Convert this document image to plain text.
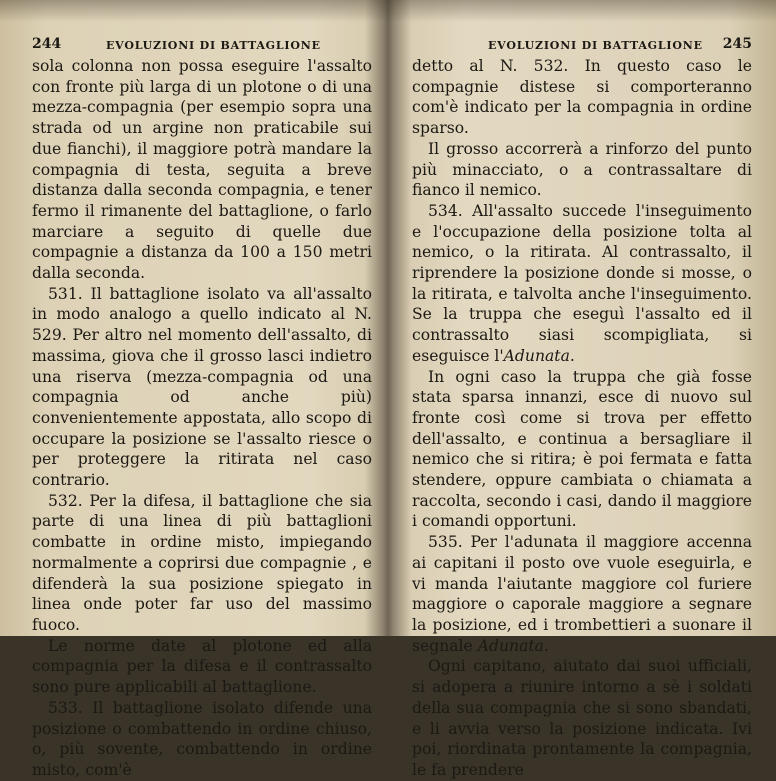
244	EVOLUZIONI DI BATTAGLIONE

sola colonna non possa eseguire l'assalto con fronte più larga di un plotone o di una mezza-compagnia (per esempio sopra una strada od un argine non praticabile sui due fianchi), il maggiore potrà mandare la compagnia di testa, seguita a breve distanza dalla seconda compagnia, e tener fermo il rimanente del battaglione, o farlo marciare a seguito di quelle due compagnie a distanza da 100 a 150 metri dalla seconda.

531. Il battaglione isolato va all'assalto in modo analogo a quello indicato al N. 529. Per altro nel momento dell'assalto, di massima, giova che il grosso lasci indietro una riserva (mezza-compagnia od una compagnia od anche più) convenientemente appostata, allo scopo di occupare la posizione se l'assalto riesce o per proteggere la ritirata nel caso contrario.

532. Per la difesa, il battaglione che sia parte di una linea di più battaglioni combatte in ordine misto, impiegando normalmente a coprirsi due compagnie , e difenderà la sua posizione spiegato in linea onde poter far uso del massimo fuoco.

Le norme date al plotone ed alla compagnia per la difesa e il contrassalto sono pure applicabili al battaglione.

533. Il battaglione isolato difende una posizione o combattendo in ordine chiuso, o, più sovente, combattendo in ordine misto, com'è

EVOLUZIONI DI BATTAGLIONE 245

detto al N. 532. In questo caso le compagnie distese si comporteranno com'è indicato per la compagnia in ordine sparso.

Il grosso accorrerà a rinforzo del punto più minacciato, o a contrassaltare di fianco il nemico.

534. All'assalto succede l'inseguimento e l'occupazione della posizione tolta al nemico, o la ritirata. Al contrassalto, il riprendere la posizione donde si mosse, o la ritirata, e talvolta anche l'inseguimento. Se la truppa che eseguì l'assalto ed il contrassalto siasi scompigliata, si eseguisce l'Adunata.

In ogni caso la truppa che già fosse stata sparsa innanzi, esce di nuovo sul fronte così come si trova per effetto dell'assalto, e continua a bersagliare il nemico che si ritira; è poi fermata e fatta stendere, oppure cambiata o chiamata a raccolta, secondo i casi, dando il maggiore i comandi opportuni.

535. Per l'adunata il maggiore accenna ai capitani il posto ove vuole eseguirla, e vi manda l'aiutante maggiore col furiere maggiore o caporale maggiore a segnare la posizione, ed i trombettieri a suonare il segnale Adunata.

Ogni capitano, aiutato dai suoi ufficiali, si adopera a riunire intorno a sè i soldati della sua compagnia che si sono sbandati, e li avvia verso la posizione indicata. Ivi poi, riordinata prontamente la compagnia, le fa prendere
